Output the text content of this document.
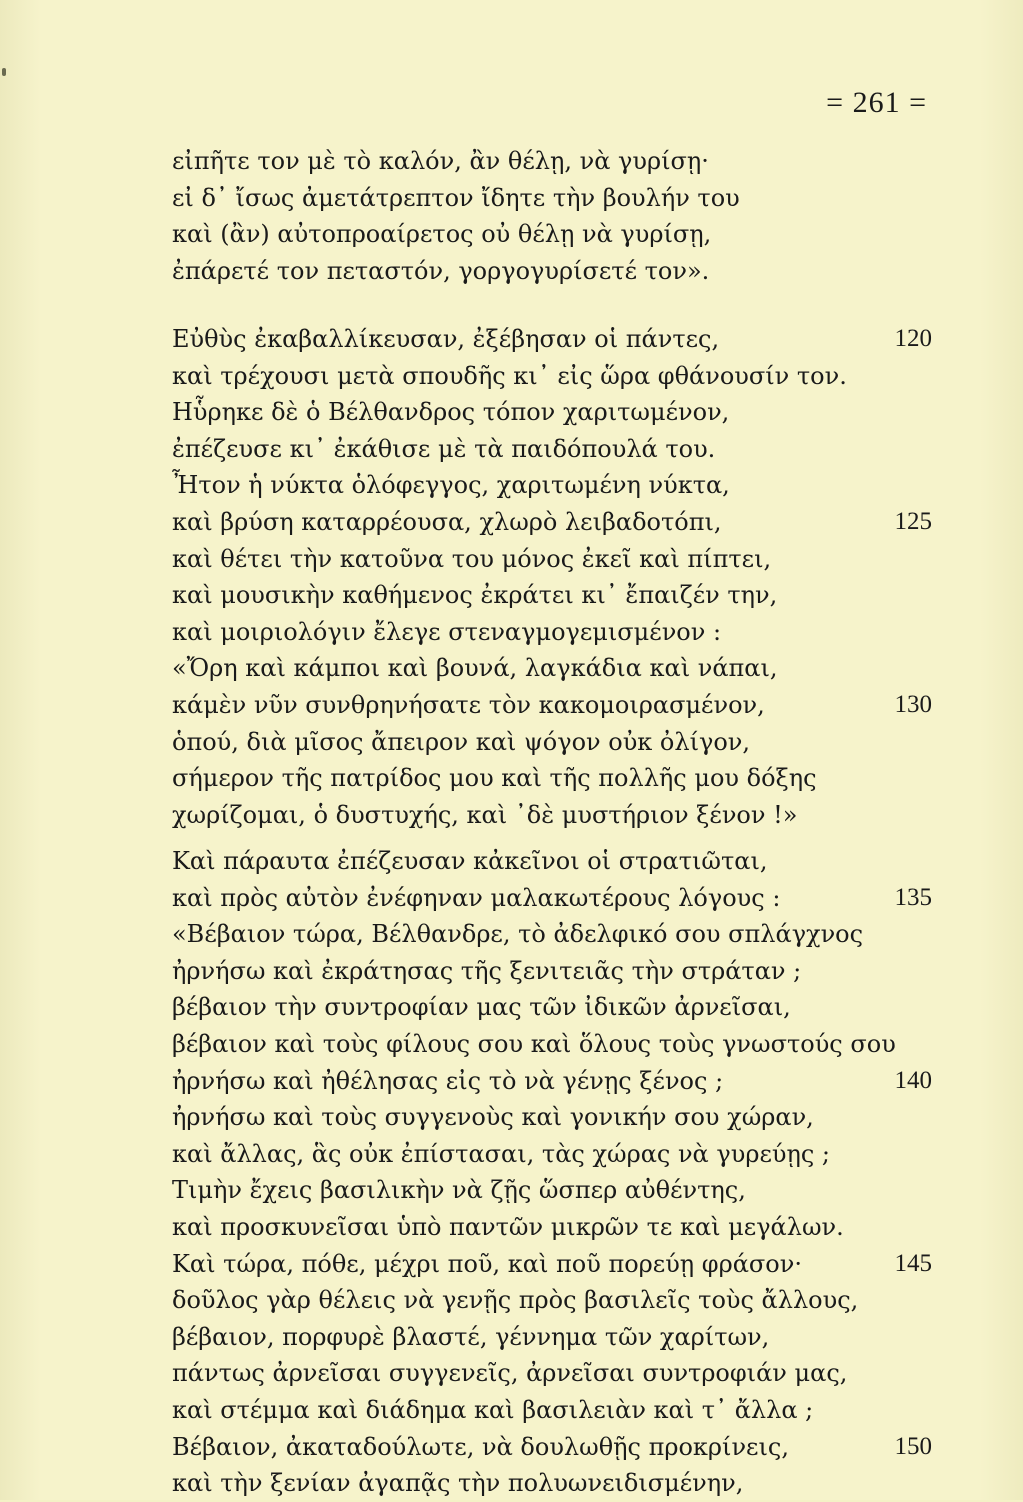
= 261 =
εἰπῆτε τον μὲ τὸ καλόν, ἂν θέλῃ, νὰ γυρίσῃ·
εἰ δ᾽ ἴσως ἀμετάτρεπτον ἴδητε τὴν βουλήν του
καὶ (ἂν) αὐτοπροαίρετος οὐ θέλῃ νὰ γυρίσῃ,
ἐπάρετέ τον πεταστόν, γοργογυρίσετέ τον».
Εὐθὺς ἐκαβαλλίκευσαν, ἐξέβησαν οἱ πάντες,	120
καὶ τρέχουσι μετὰ σπουδῆς κι᾽ εἰς ὥρα φθάνουσίν τον.
Ηὗρηκε δὲ ὁ Βέλθανδρος τόπον χαριτωμένον,
ἐπέζευσε κι᾽ ἐκάθισε μὲ τὰ παιδόπουλά του.
Ἦτον ἡ νύκτα ὁλόφεγγος, χαριτωμένη νύκτα,
καὶ βρύση καταρρέουσα, χλωρὸ λειβαδοτόπι,	125
καὶ θέτει τὴν κατοῦνα του μόνος ἐκεῖ καὶ πίπτει,
καὶ μουσικὴν καθήμενος ἐκράτει κι᾽ ἔπαιζέν την,
καὶ μοιριολόγιν ἔλεγε στεναγμογεμισμένον :
«Ὄρη καὶ κάμποι καὶ βουνά, λαγκάδια καὶ νάπαι,
κάμὲν νῦν συνθρηνήσατε τὸν κακομοιρασμένον,	130
ὁπού, διὰ μῖσος ἄπειρον καὶ ψόγον οὐκ ὀλίγον,
σήμερον τῆς πατρίδος μου καὶ τῆς πολλῆς μου δόξης
χωρίζομαι, ὁ δυστυχής, καὶ ᾿δὲ μυστήριον ξένον !»
Καὶ πάραυτα ἐπέζευσαν κἀκεῖνοι οἱ στρατιῶται,
καὶ πρὸς αὐτὸν ἐνέφηναν μαλακωτέρους λόγους :	135
«Βέβαιον τώρα, Βέλθανδρε, τὸ ἀδελφικό σου σπλάγχνος
ἠρνήσω καὶ ἐκράτησας τῆς ξενιτειᾶς τὴν στράταν ;
βέβαιον τὴν συντροφίαν μας τῶν ἰδικῶν ἀρνεῖσαι,
βέβαιον καὶ τοὺς φίλους σου καὶ ὅλους τοὺς γνωστούς σου
ἠρνήσω καὶ ἠθέλησας εἰς τὸ νὰ γένῃς ξένος ;	140
ἠρνήσω καὶ τοὺς συγγενοὺς καὶ γονικήν σου χώραν,
καὶ ἄλλας, ἃς οὐκ ἐπίστασαι, τὰς χώρας νὰ γυρεύῃς ;
Τιμὴν ἔχεις βασιλικὴν νὰ ζῇς ὥσπερ αὐθέντης,
καὶ προσκυνεῖσαι ὑπὸ παντῶν μικρῶν τε καὶ μεγάλων.
Καὶ τώρα, πόθε, μέχρι ποῦ, καὶ ποῦ πορεύῃ φράσον·	145
δοῦλος γὰρ θέλεις νὰ γενῇς πρὸς βασιλεῖς τοὺς ἄλλους,
βέβαιον, πορφυρὲ βλαστέ, γέννημα τῶν χαρίτων,
πάντως ἀρνεῖσαι συγγενεῖς, ἀρνεῖσαι συντροφιάν μας,
καὶ στέμμα καὶ διάδημα καὶ βασιλειὰν καὶ τ᾽ ἄλλα ;
Βέβαιον, ἀκαταδούλωτε, νὰ δουλωθῇς προκρίνεις,	150
καὶ τὴν ξενίαν ἀγαπᾷς τὴν πολυωνειδισμένην,
